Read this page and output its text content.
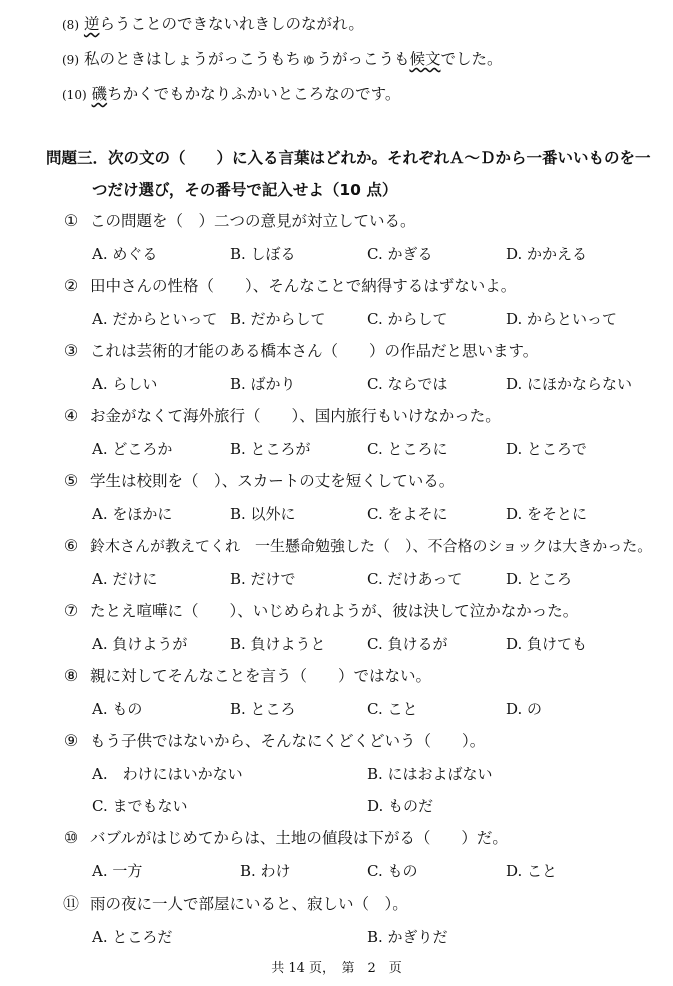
(8) 逆らうことのできないれきしのながれ。
(9) 私のときはしょうがっこうもちゅうがっこうも候文でした。
(10) 磯ちかくでもかなりふかいところなのです。
問題三．次の文の（　　）に入る言葉はどれか。それぞれＡ～Ｄから一番いいものを一
つだけ選び，その番号で記入せよ（10 点）
① この問題を（　）二つの意見が対立している。
A. めぐる	B. しぼる	C. かぎる	D. かかえる
② 田中さんの性格（　　）、そんなことで納得するはずないよ。
A. だからといって B. だからして	C. からして	D. からといって
③ これは芸術的才能のある橋本さん（　　）の作品だと思います。
A. らしい	B. ばかり	C. ならでは	D. にほかならない
④ お金がなくて海外旅行（　　）、国内旅行もいけなかった。
A. どころか	B. ところが	C. ところに	D. ところで
⑤ 学生は校則を（　）、スカートの丈を短くしている。
A. をほかに	B. 以外に	C. をよそに	D. をそとに
⑥ 鈴木さんが教えてくれ　一生懸命勉強した（　）、不合格のショックは大きかった。
A. だけに	B. だけで	C. だけあって	D. ところ
⑦ たとえ喧嘩に（　　）、いじめられようが、彼は決して泣かなかった。
A. 負けようが	B. 負けようと	C. 負けるが	D. 負けても
⑧ 親に対してそんなことを言う（　　）ではない。
A. もの	B. ところ	C. こと	D. の
⑨ もう子供ではないから、そんなにくどくどいう（　　）。
A.　わけにはいかない	B. にはおよばない
C. までもない	D. ものだ
⑩ バブルがはじめてからは、土地の値段は下がる（　　）だ。
A. 一方	B. わけ	C. もの	D. こと
⑪ 雨の夜に一人で部屋にいると、寂しい（　）。
A. ところだ	B. かぎりだ
共 14 页，　第　2　页
